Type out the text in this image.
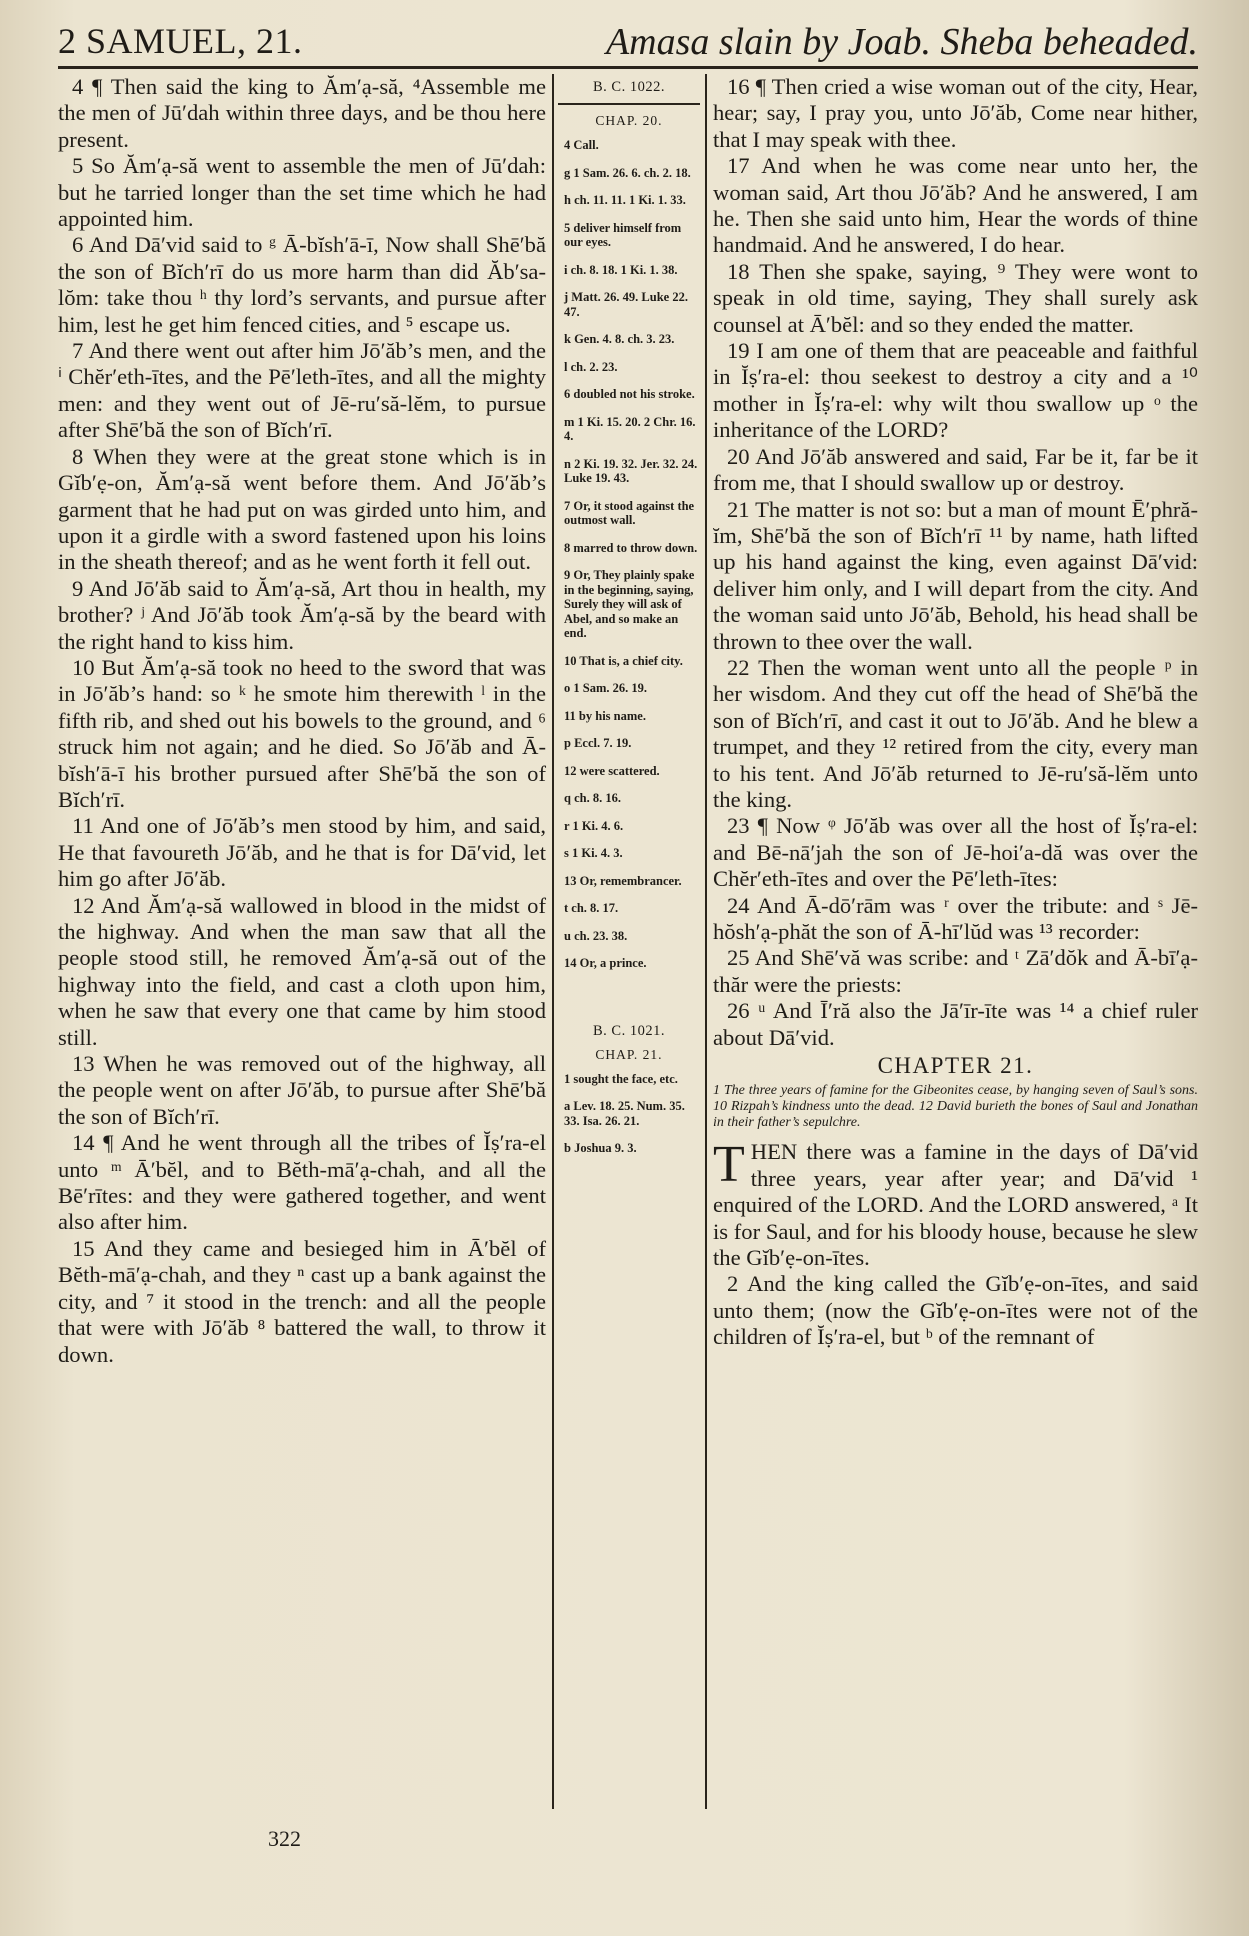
2 SAMUEL, 21.	Amasa slain by Joab. Sheba beheaded.

4 ¶ Then said the king to Ăm′ạ-să, ⁴Assemble me the men of Jū′dah within three days, and be thou here present.

5 So Ăm′ạ-să went to assemble the men of Jū′dah: but he tarried longer than the set time which he had appointed him.

6 And Dā′vid said to ᵍ Ā-bĭsh′ā-ī, Now shall Shē′bă the son of Bĭch′rī do us more harm than did Ăb′sa-lŏm: take thou ʰ thy lord’s servants, and pursue after him, lest he get him fenced cities, and ⁵ escape us.

7 And there went out after him Jō′ăb’s men, and the ⁱ Chĕr′eth-ītes, and the Pē′leth-ītes, and all the mighty men: and they went out of Jē-ru′să-lĕm, to pursue after Shē′bă the son of Bĭch′rī.

8 When they were at the great stone which is in Gĭb′ẹ-on, Ăm′ạ-să went before them. And Jō′ăb’s garment that he had put on was girded unto him, and upon it a girdle with a sword fastened upon his loins in the sheath thereof; and as he went forth it fell out.

9 And Jō′ăb said to Ăm′ạ-să, Art thou in health, my brother? ʲ And Jō′ăb took Ăm′ạ-să by the beard with the right hand to kiss him.

10 But Ăm′ạ-să took no heed to the sword that was in Jō′ăb’s hand: so ᵏ he smote him therewith ˡ in the fifth rib, and shed out his bowels to the ground, and ⁶ struck him not again; and he died. So Jō′ăb and Ā-bĭsh′ā-ī his brother pursued after Shē′bă the son of Bĭch′rī.

11 And one of Jō′ăb’s men stood by him, and said, He that favoureth Jō′ăb, and he that is for Dā′vid, let him go after Jō′ăb.

12 And Ăm′ạ-să wallowed in blood in the midst of the highway. And when the man saw that all the people stood still, he removed Ăm′ạ-să out of the highway into the field, and cast a cloth upon him, when he saw that every one that came by him stood still.

13 When he was removed out of the highway, all the people went on after Jō′ăb, to pursue after Shē′bă the son of Bĭch′rī.

14 ¶ And he went through all the tribes of Ĭṣ′ra-el unto ᵐ Ā′bĕl, and to Bĕth-mā′ạ-chah, and all the Bē′rītes: and they were gathered together, and went also after him.

15 And they came and besieged him in Ā′bĕl of Bĕth-mā′ạ-chah, and they ⁿ cast up a bank against the city, and ⁷ it stood in the trench: and all the people that were with Jō′ăb ⁸ battered the wall, to throw it down.

B. C. 1022.
CHAP. 20.
4 Call.
g 1 Sam. 26. 6. ch. 2. 18.
h ch. 11. 11. 1 Ki. 1. 33.
5 deliver himself from our eyes.
i ch. 8. 18. 1 Ki. 1. 38.
j Matt. 26. 49. Luke 22. 47.
k Gen. 4. 8. ch. 3. 23.
l ch. 2. 23.
6 doubled not his stroke.
m 1 Ki. 15. 20. 2 Chr. 16. 4.
n 2 Ki. 19. 32. Jer. 32. 24. Luke 19. 43.
7 Or, it stood against the outmost wall.
8 marred to throw down.
9 Or, They plainly spake in the beginning, saying, Surely they will ask of Abel, and so make an end.
10 That is, a chief city.
o 1 Sam. 26. 19.
11 by his name.
p Eccl. 7. 19.
12 were scattered.
q ch. 8. 16.
r 1 Ki. 4. 6.
s 1 Ki. 4. 3.
13 Or, remembrancer.
t ch. 8. 17.
u ch. 23. 38.
14 Or, a prince.
B. C. 1021.
CHAP. 21.
1 sought the face, etc.
a Lev. 18. 25. Num. 35. 33. Isa. 26. 21.
b Joshua 9. 3.

16 ¶ Then cried a wise woman out of the city, Hear, hear; say, I pray you, unto Jō′ăb, Come near hither, that I may speak with thee.

17 And when he was come near unto her, the woman said, Art thou Jō′ăb? And he answered, I am he. Then she said unto him, Hear the words of thine handmaid. And he answered, I do hear.

18 Then she spake, saying, ⁹ They were wont to speak in old time, saying, They shall surely ask counsel at Ā′bĕl: and so they ended the matter.

19 I am one of them that are peaceable and faithful in Ĭṣ′ra-el: thou seekest to destroy a city and a ¹⁰ mother in Ĭṣ′ra-el: why wilt thou swallow up ᵒ the inheritance of the LORD?

20 And Jō′ăb answered and said, Far be it, far be it from me, that I should swallow up or destroy.

21 The matter is not so: but a man of mount Ē′phră-ĭm, Shē′bă the son of Bĭch′rī ¹¹ by name, hath lifted up his hand against the king, even against Dā′vid: deliver him only, and I will depart from the city. And the woman said unto Jō′ăb, Behold, his head shall be thrown to thee over the wall.

22 Then the woman went unto all the people ᵖ in her wisdom. And they cut off the head of Shē′bă the son of Bĭch′rī, and cast it out to Jō′ăb. And he blew a trumpet, and they ¹² retired from the city, every man to his tent. And Jō′ăb returned to Jē-ru′să-lĕm unto the king.

23 ¶ Now ᵠ Jō′ăb was over all the host of Ĭṣ′ra-el: and Bē-nā′jah the son of Jē-hoi′a-dă was over the Chĕr′eth-ītes and over the Pē′leth-ītes:

24 And Ā-dō′rām was ʳ over the tribute: and ˢ Jē-hŏsh′ạ-phăt the son of Ā-hī′lŭd was ¹³ recorder:

25 And Shē′vă was scribe: and ᵗ Zā′dŏk and Ā-bī′ạ-thăr were the priests:

26 ᵘ And Ī′ră also the Jā′īr-īte was ¹⁴ a chief ruler about Dā′vid.

CHAPTER 21.
1 The three years of famine for the Gibeonites cease, by hanging seven of Saul’s sons. 10 Rizpah’s kindness unto the dead. 12 David burieth the bones of Saul and Jonathan in their father’s sepulchre.

THEN there was a famine in the days of Dā′vid three years, year after year; and Dā′vid ¹ enquired of the LORD. And the LORD answered, ᵃ It is for Saul, and for his bloody house, because he slew the Gĭb′ẹ-on-ītes.

2 And the king called the Gĭb′ẹ-on-ītes, and said unto them; (now the Gĭb′ẹ-on-ītes were not of the children of Ĭṣ′ra-el, but ᵇ of the remnant of

322
